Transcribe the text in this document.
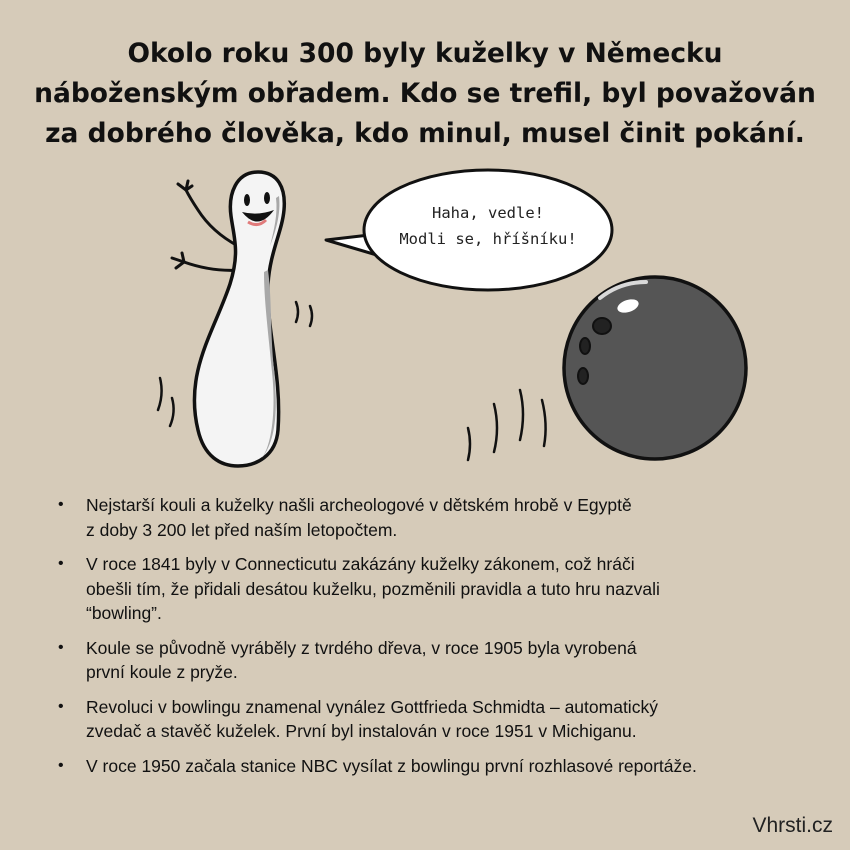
Okolo roku 300 byly kuželky v Německu
náboženským obřadem. Kdo se trefil, byl považován
za dobrého člověka, kdo minul, musel činit pokání.
Haha, vedle!
Modli se, hříšníku!
• Nejstarší kouli a kuželky našli archeologové v dětském hrobě v Egyptě
z doby 3 200 let před naším letopočtem.
• V roce 1841 byly v Connecticutu zakázány kuželky zákonem, což hráči
obešli tím, že přidali desátou kuželku, pozměnili pravidla a tuto hru nazvali
“bowling”.
• Koule se původně vyráběly z tvrdého dřeva, v roce 1905 byla vyrobená
první koule z pryže.
• Revoluci v bowlingu znamenal vynález Gottfrieda Schmidta – automatický
zvedač a stavěč kuželek. První byl instalován v roce 1951 v Michiganu.
• V roce 1950 začala stanice NBC vysílat z bowlingu první rozhlasové reportáže.

Vhrsti.cz
